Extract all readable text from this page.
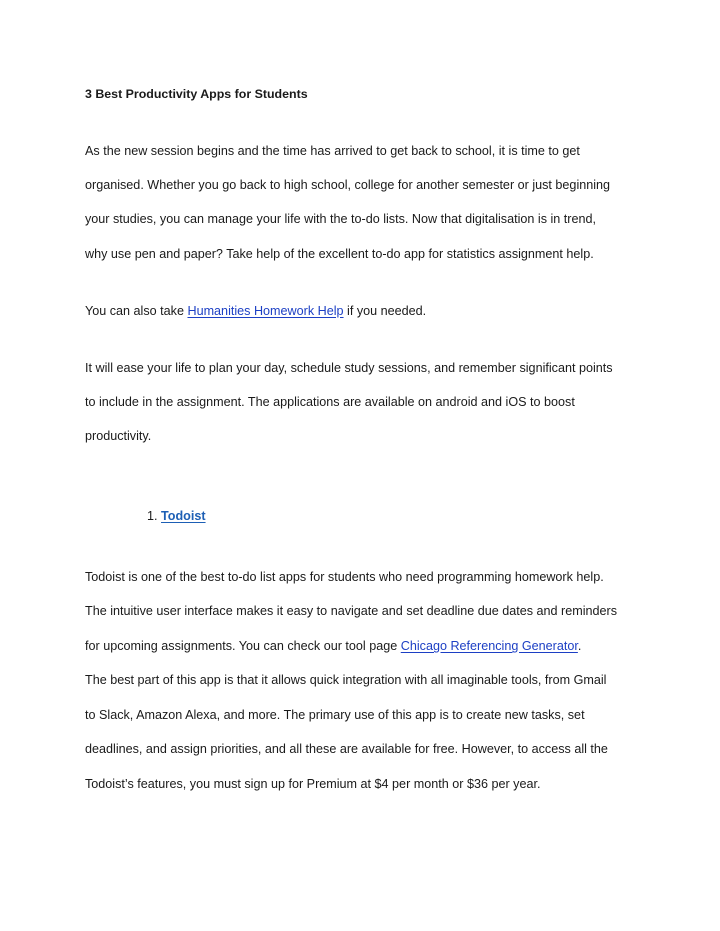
3 Best Productivity Apps for Students
As the new session begins and the time has arrived to get back to school, it is time to get
organised. Whether you go back to high school, college for another semester or just beginning
your studies, you can manage your life with the to-do lists. Now that digitalisation is in trend,
why use pen and paper? Take help of the excellent to-do app for statistics assignment help.
You can also take Humanities Homework Help if you needed.
It will ease your life to plan your day, schedule study sessions, and remember significant points
to include in the assignment. The applications are available on android and iOS to boost
productivity.
1. Todoist
Todoist is one of the best to-do list apps for students who need programming homework help.
The intuitive user interface makes it easy to navigate and set deadline due dates and reminders
for upcoming assignments. You can check our tool page Chicago Referencing Generator.
The best part of this app is that it allows quick integration with all imaginable tools, from Gmail
to Slack, Amazon Alexa, and more. The primary use of this app is to create new tasks, set
deadlines, and assign priorities, and all these are available for free. However, to access all the
Todoist’s features, you must sign up for Premium at $4 per month or $36 per year.
